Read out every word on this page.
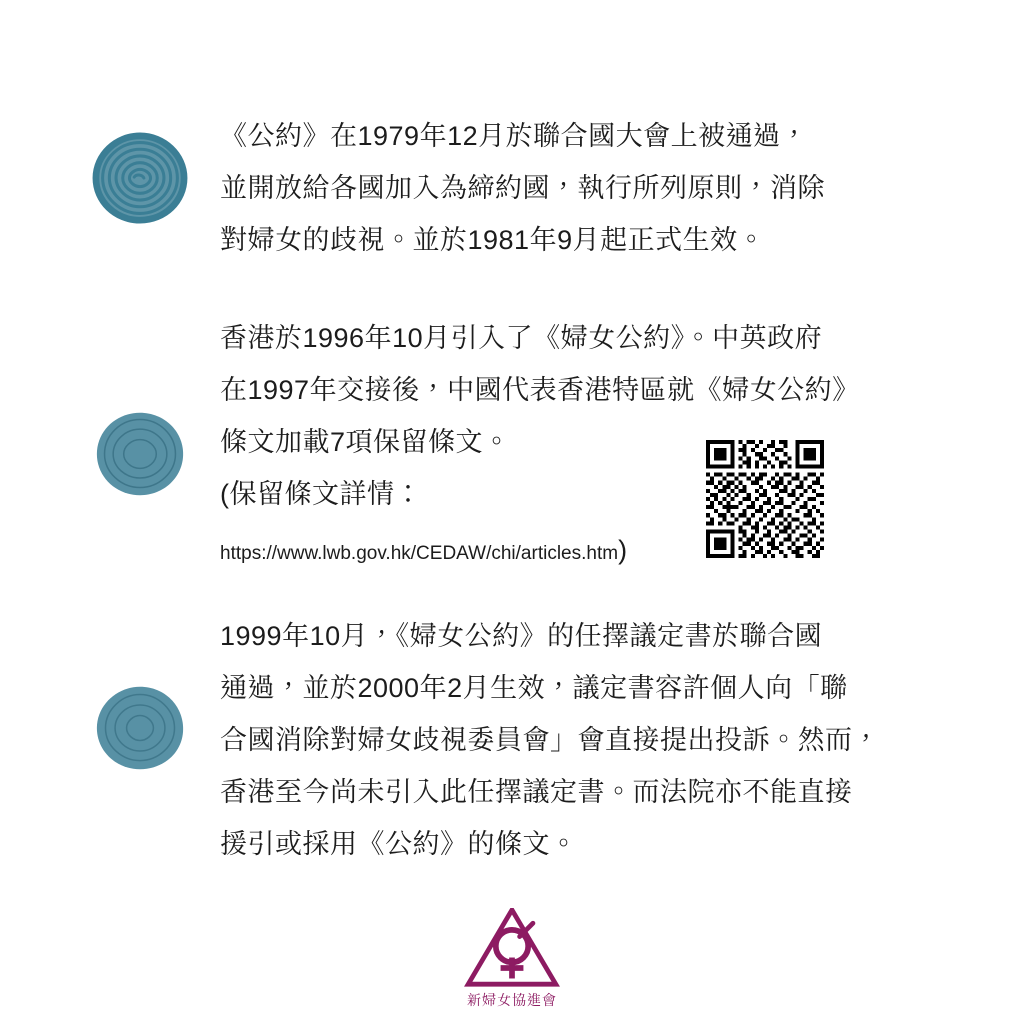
《公約》在1979年12月於聯合國大會上被通過，
並開放給各國加入為締約國，執行所列原則，消除
對婦女的歧視。並於1981年9月起正式生效。
香港於1996年10月引入了《婦女公約》。中英政府
在1997年交接後，中國代表香港特區就《婦女公約》
條文加載7項保留條文。
(保留條文詳情：
https://www.lwb.gov.hk/CEDAW/chi/articles.htm)
1999年10月，《婦女公約》的任擇議定書於聯合國
通過，並於2000年2月生效，議定書容許個人向「聯
合國消除對婦女歧視委員會」會直接提出投訴。然而，
香港至今尚未引入此任擇議定書。而法院亦不能直接
援引或採用《公約》的條文。
新婦女協進會
